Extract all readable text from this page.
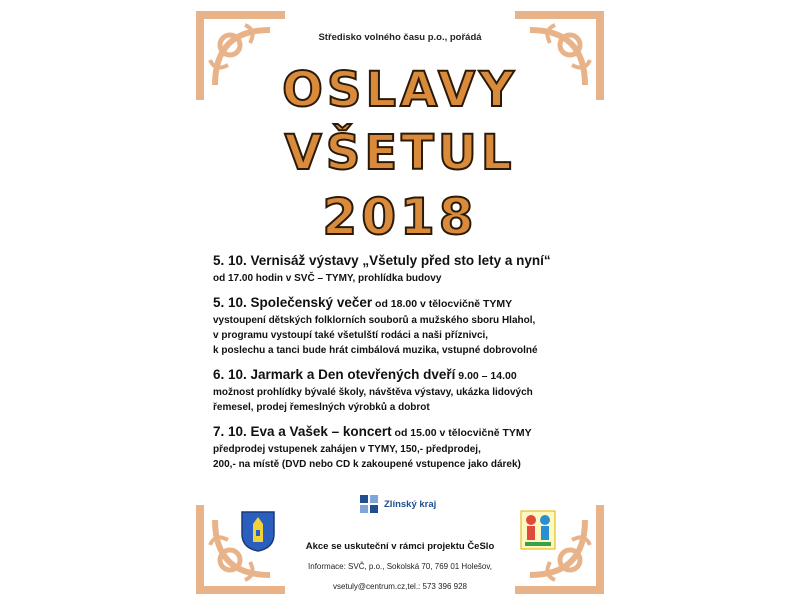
Středisko volného času p.o., pořádá
OSLAVY
VŠETUL
2018
5. 10. Vernisáž výstavy „Všetuly před sto lety a nyní“
od 17.00 hodin v SVČ – TYMY, prohlídka budovy
5. 10. Společenský večer od 18.00 v tělocvičně TYMY
vystoupení dětských folklorních souborů a mužského sboru Hlahol,
v programu vystoupí také všetulští rodáci a naši příznivci,
k poslechu a tanci bude hrát cimbálová muzika, vstupné dobrovolné
6. 10. Jarmark a Den otevřených dveří 9.00 – 14.00
možnost prohlídky bývalé školy, návštěva výstavy, ukázka lidových
řemesel, prodej řemeslných výrobků a dobrot
7. 10. Eva a Vašek – koncert od 15.00 v tělocvičně TYMY
předprodej vstupenek zahájen v TYMY, 150,- předprodej,
200,- na místě (DVD nebo CD k zakoupené vstupence jako dárek)
Zlínský kraj
Akce se uskuteční v rámci projektu ČeSlo
Informace: SVČ, p.o., Sokolská 70, 769 01 Holešov,
vsetuly@centrum.cz,tel.: 573 396 928
